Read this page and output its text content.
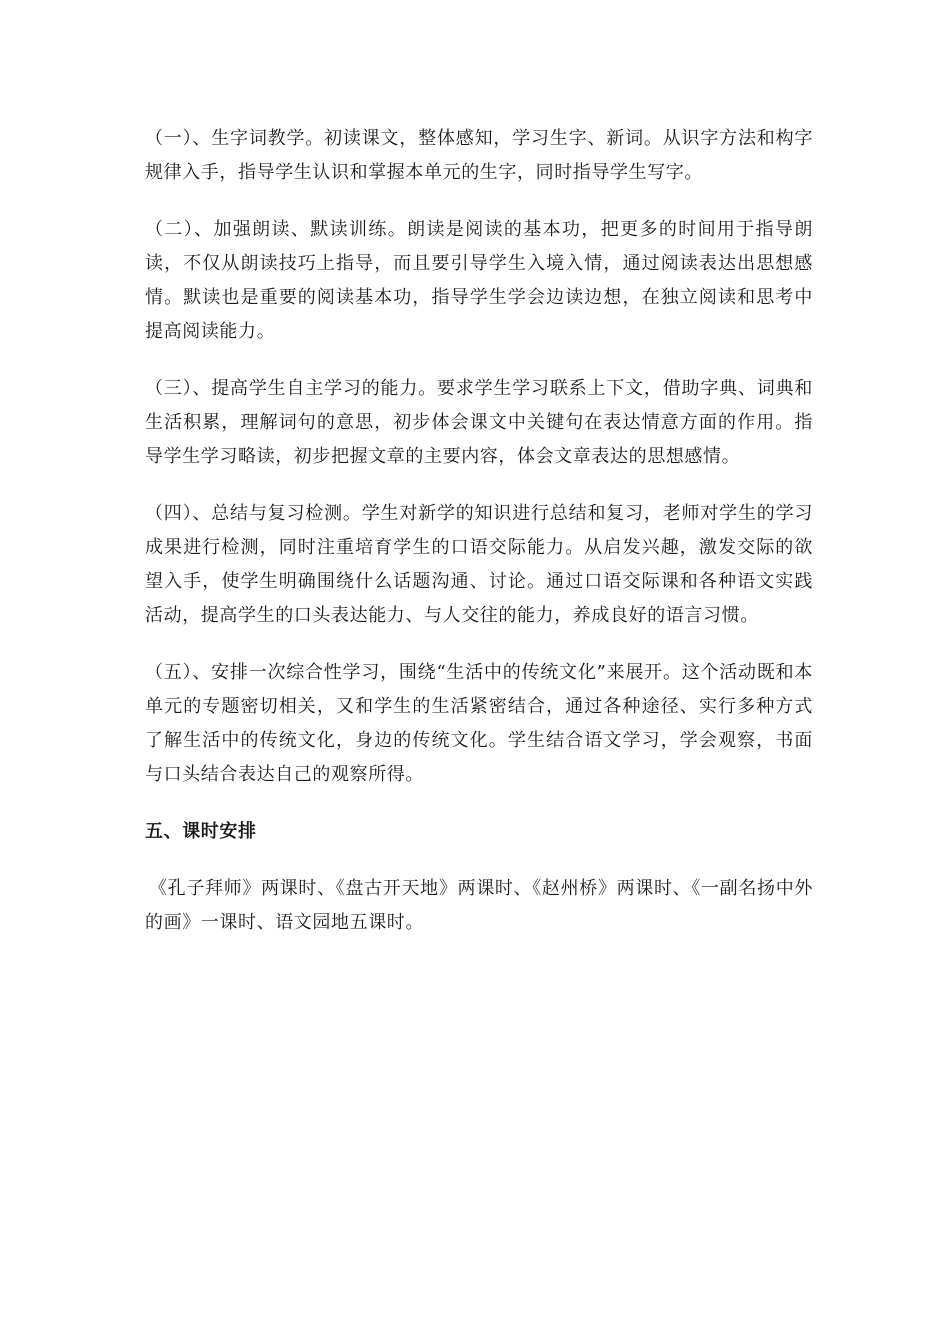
（一）、生字词教学。初读课文，整体感知，学习生字、新词。从识字方法和构字规律入手，指导学生认识和掌握本单元的生字，同时指导学生写字。

（二）、加强朗读、默读训练。朗读是阅读的基本功，把更多的时间用于指导朗读，不仅从朗读技巧上指导，而且要引导学生入境入情，通过阅读表达出思想感情。默读也是重要的阅读基本功，指导学生学会边读边想，在独立阅读和思考中提高阅读能力。

（三）、提高学生自主学习的能力。要求学生学习联系上下文，借助字典、词典和生活积累，理解词句的意思，初步体会课文中关键句在表达情意方面的作用。指导学生学习略读，初步把握文章的主要内容，体会文章表达的思想感情。

（四）、总结与复习检测。学生对新学的知识进行总结和复习，老师对学生的学习成果进行检测，同时注重培育学生的口语交际能力。从启发兴趣，激发交际的欲望入手，使学生明确围绕什么话题沟通、讨论。通过口语交际课和各种语文实践活动，提高学生的口头表达能力、与人交往的能力，养成良好的语言习惯。

（五）、安排一次综合性学习，围绕“生活中的传统文化”来展开。这个活动既和本单元的专题密切相关，又和学生的生活紧密结合，通过各种途径、实行多种方式了解生活中的传统文化，身边的传统文化。学生结合语文学习，学会观察，书面与口头结合表达自己的观察所得。

五、课时安排

《孔子拜师》两课时、《盘古开天地》两课时、《赵州桥》两课时、《一副名扬中外的画》一课时、语文园地五课时。
